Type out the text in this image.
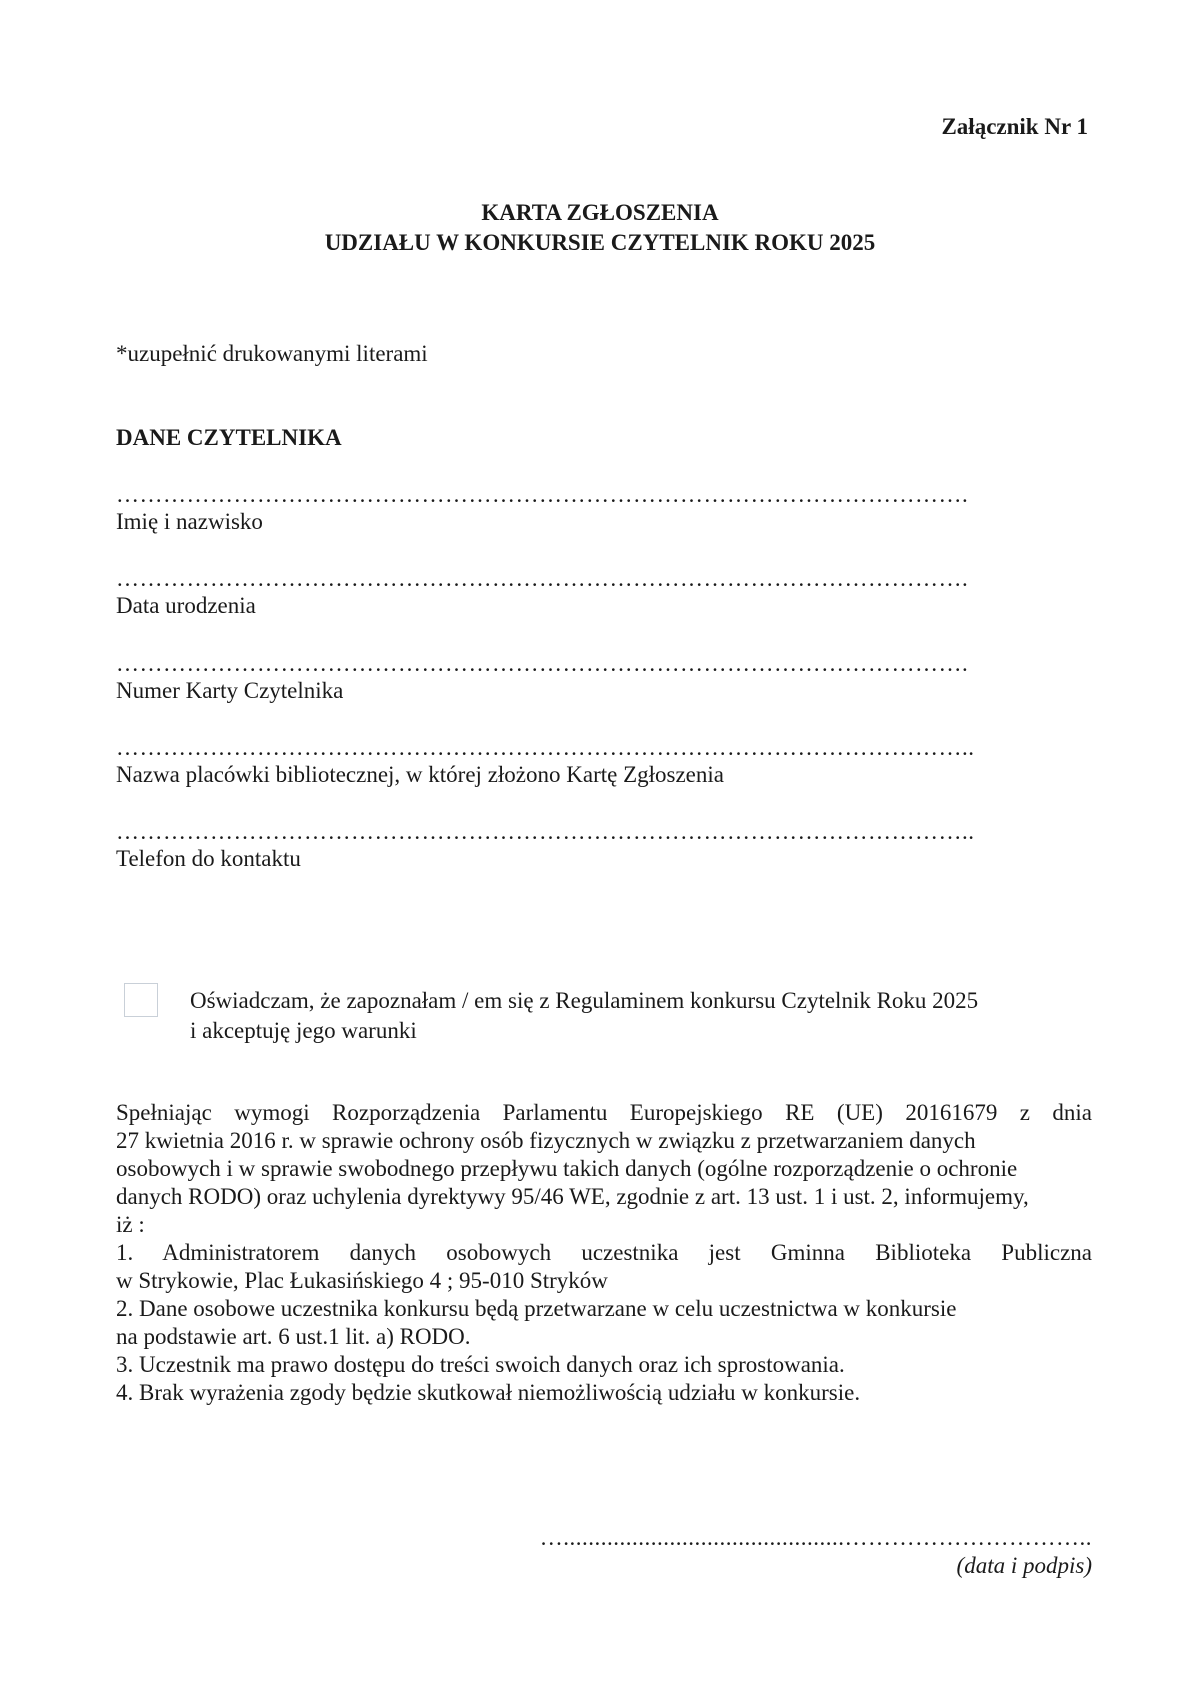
Załącznik Nr 1
KARTA ZGŁOSZENIA
UDZIAŁU W KONKURSIE CZYTELNIK ROKU 2025
*uzupełnić drukowanymi literami
DANE CZYTELNIKA
……………………………………………………………………………………………….
Imię i nazwisko
……………………………………………………………………………………………….
Data urodzenia
……………………………………………………………………………………………….
Numer Karty Czytelnika
………………………………………………………………………………………………..
Nazwa placówki bibliotecznej, w której złożono Kartę Zgłoszenia
………………………………………………………………………………………………..
Telefon do kontaktu
Oświadczam, że zapoznałam / em się z Regulaminem konkursu Czytelnik Roku 2025
i akceptuję jego warunki

Spełniając wymogi Rozporządzenia Parlamentu Europejskiego RE (UE) 20161679 z dnia

27 kwietnia 2016 r. w sprawie ochrony osób fizycznych w związku z przetwarzaniem danych

osobowych i w sprawie swobodnego przepływu takich danych (ogólne rozporządzenie o ochronie

danych RODO) oraz uchylenia dyrektywy 95/46 WE, zgodnie z art. 13 ust. 1 i ust. 2, informujemy,

iż :

1. Administratorem danych osobowych uczestnika jest Gminna Biblioteka Publiczna

w Strykowie, Plac Łukasińskiego 4 ; 95-010 Stryków

2. Dane osobowe uczestnika konkursu będą przetwarzane w celu uczestnictwa w konkursie

na podstawie art. 6 ust.1 lit. a) RODO.

3. Uczestnik ma prawo dostępu do treści swoich danych oraz ich sprostowania.

4. Brak wyrażenia zgody będzie skutkował niemożliwością udziału w konkursie.

….............................................…………………………..
(data i podpis)
